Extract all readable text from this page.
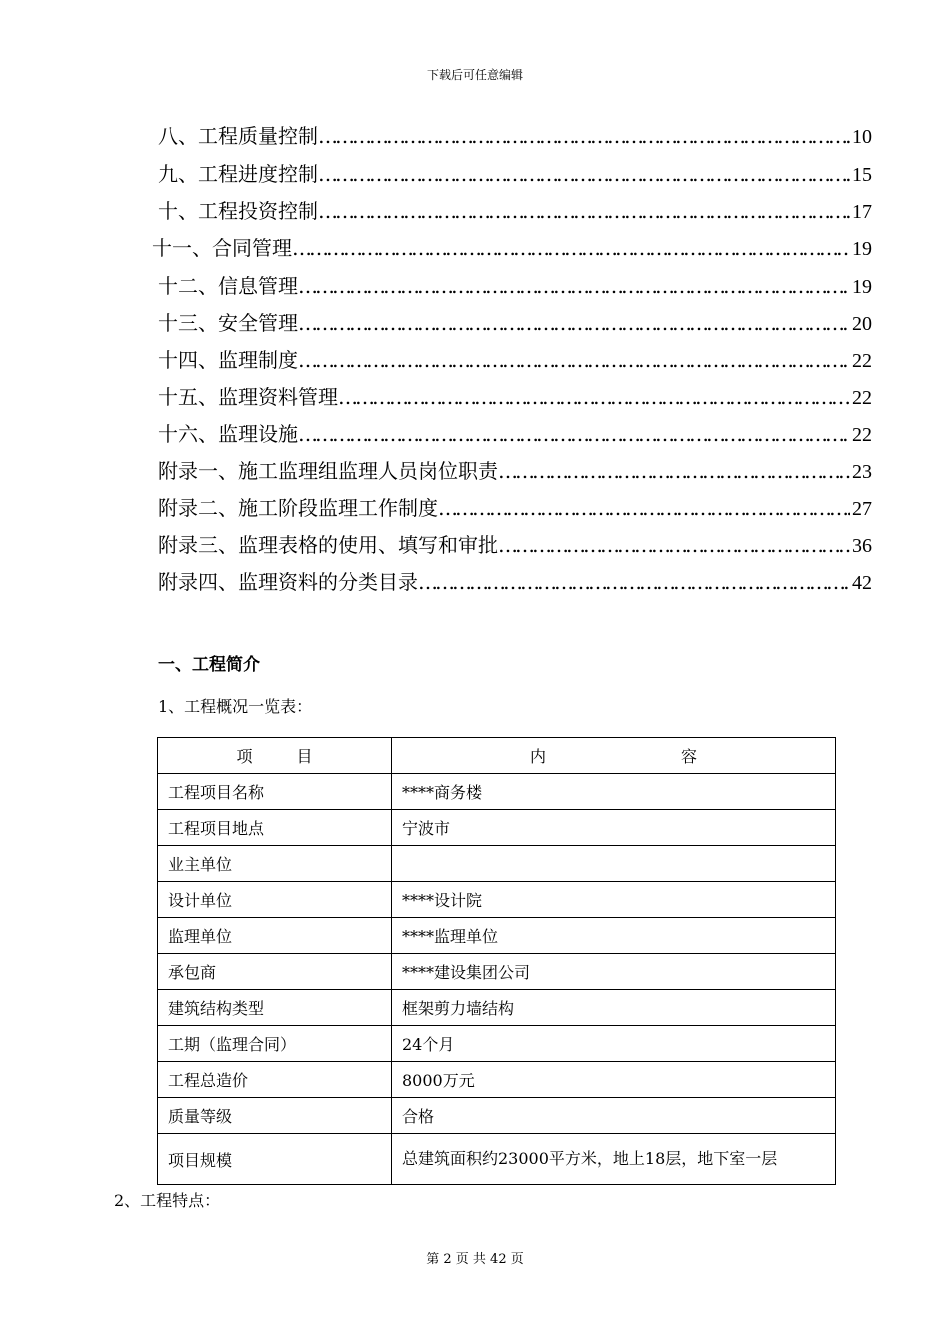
下载后可任意编辑
八、工程质量控制 …………………………………………………………………………………………………………………………………………………………………………………………	10
九、工程进度控制 …………………………………………………………………………………………………………………………………………………………………………………………	15
十、工程投资控制 …………………………………………………………………………………………………………………………………………………………………………………………	17
十一、合同管理 …………………………………………………………………………………………………………………………………………………………………………………………	19
十二、信息管理 …………………………………………………………………………………………………………………………………………………………………………………………	19
十三、安全管理 …………………………………………………………………………………………………………………………………………………………………………………………	20
十四、监理制度 …………………………………………………………………………………………………………………………………………………………………………………………	22
十五、监理资料管理 …………………………………………………………………………………………………………………………………………………………………………………………	22
十六、监理设施 …………………………………………………………………………………………………………………………………………………………………………………………	22
附录一、施工监理组监理人员岗位职责 …………………………………………………………………………………………………………………………………………………………………………………………	23
附录二、施工阶段监理工作制度 …………………………………………………………………………………………………………………………………………………………………………………………	27
附录三、监理表格的使用、填写和审批 …………………………………………………………………………………………………………………………………………………………………………………………	36
附录四、监理资料的分类目录 …………………………………………………………………………………………………………………………………………………………………………………………	42
一、工程简介
1、工程概况一览表：
项目	内 容
工程项目名称	****商务楼
工程项目地点	宁波市
业主单位	
设计单位	****设计院
监理单位	****监理单位
承包商	****建设集团公司
建筑结构类型	框架剪力墙结构
工期（监理合同）	24个月
工程总造价	8000万元
质量等级	合格
项目规模	总建筑面积约23000平方米，地上18层，地下室一层
2、工程特点：
第 2 页 共 42 页
